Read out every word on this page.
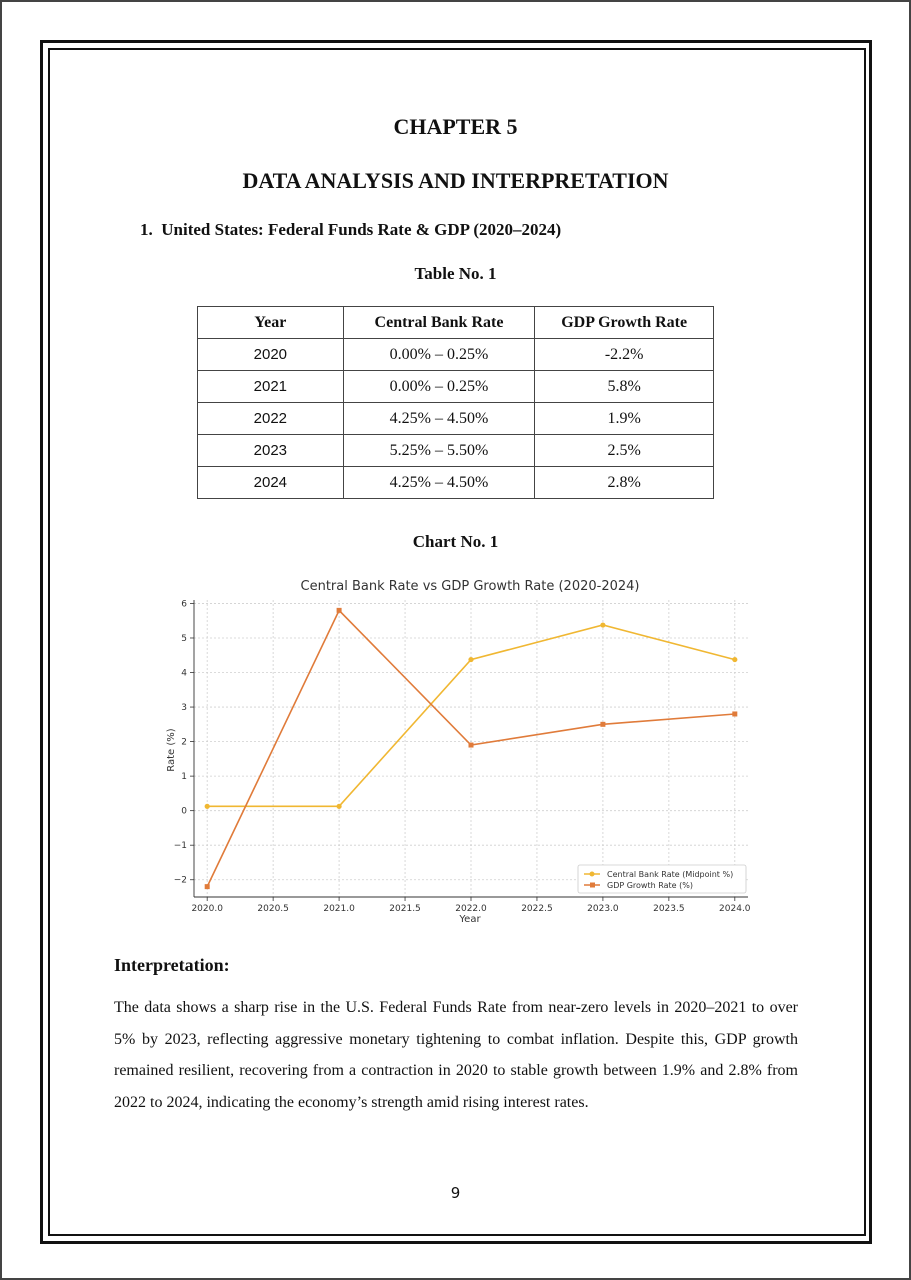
CHAPTER 5
DATA ANALYSIS AND INTERPRETATION
1.  United States: Federal Funds Rate & GDP (2020–2024)
Table No. 1
Year	Central Bank Rate	GDP Growth Rate
2020	0.00% – 0.25%	-2.2%
2021	0.00% – 0.25%	5.8%
2022	4.25% – 4.50%	1.9%
2023	5.25% – 5.50%	2.5%
2024	4.25% – 4.50%	2.8%
Chart No. 1
Central Bank Rate vs GDP Growth Rate (2020-2024)
Rate (%)
Year
−2
−1
0
1
2
3
4
5
6
2020.0	2020.5	2021.0	2021.5	2022.0	2022.5	2023.0	2023.5	2024.0
Central Bank Rate (Midpoint %)
GDP Growth Rate (%)
Interpretation:
The data shows a sharp rise in the U.S. Federal Funds Rate from near-zero levels in 2020–2021 to over 5% by 2023, reflecting aggressive monetary tightening to combat inflation. Despite this, GDP growth remained resilient, recovering from a contraction in 2020 to stable growth between 1.9% and 2.8% from 2022 to 2024, indicating the economy’s strength amid rising interest rates.
9
